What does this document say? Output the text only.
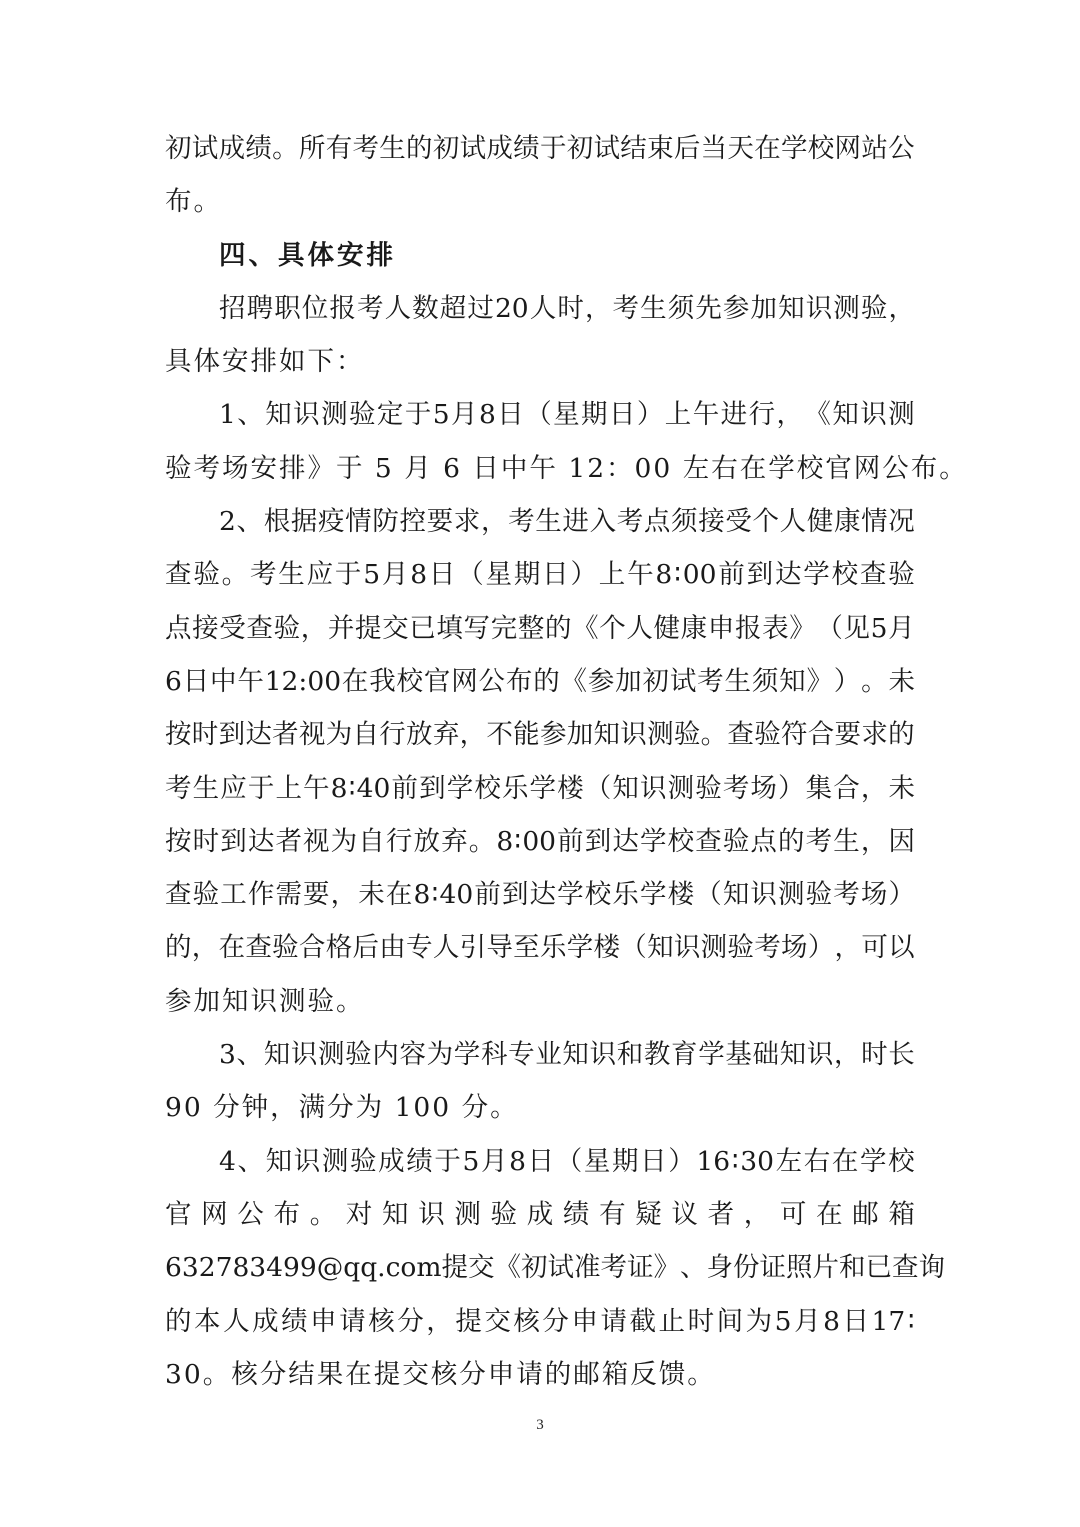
初 试 成 绩 。 所 有 考 生 的 初 试 成 绩 于 初 试 结 束 后 当 天 在 学 校 网 站 公
布。
四、具体安排
招 聘 职 位 报 考 人 数 超 过 20 人 时 ， 考 生 须 先 参 加 知 识 测 验 ，
具体安排如下：
1 、 知 识 测 验 定 于 5 月 8 日 （ 星 期 日 ） 上 午 进 行 ， 《 知 识 测
验考场安排》于 5 月 6 日中午 12：00 左右在学校官网公布。
2 、 根 据 疫 情 防 控 要 求 ， 考 生 进 入 考 点 须 接 受 个 人 健 康 情 况
查 验 。 考 生 应 于 5 月 8 日 （ 星 期 日 ） 上 午 8 ∶ 00 前 到 达 学 校 查 验
点 接 受 查 验 ， 并 提 交 已 填 写 完 整 的 《 个 人 健 康 申 报 表 》 （ 见 5 月
6 日 中 午 12:00 在 我 校 官 网 公 布 的 《 参 加 初 试 考 生 须 知 》 ） 。 未
按 时 到 达 者 视 为 自 行 放 弃 ， 不 能 参 加 知 识 测 验 。 查 验 符 合 要 求 的
考 生 应 于 上 午 8 ∶ 40 前 到 学 校 乐 学 楼 （ 知 识 测 验 考 场 ） 集 合 ， 未
按 时 到 达 者 视 为 自 行 放 弃 。 8 ∶ 00 前 到 达 学 校 查 验 点 的 考 生 ， 因
查 验 工 作 需 要 ， 未 在 8 ∶ 40 前 到 达 学 校 乐 学 楼 （ 知 识 测 验 考 场 ）
的 ， 在 查 验 合 格 后 由 专 人 引 导 至 乐 学 楼 （ 知 识 测 验 考 场 ） ， 可 以
参加知识测验。
3 、 知 识 测 验 内 容 为 学 科 专 业 知 识 和 教 育 学 基 础 知 识 ， 时 长
90 分钟，满分为 100 分。
4 、 知 识 测 验 成 绩 于 5 月 8 日 （ 星 期 日 ） 16 ∶ 30 左 右 在 学 校
官 网 公 布 。 对 知 识 测 验 成 绩 有 疑 议 者 ， 可 在 邮 箱
632783499@qq.com 提 交 《 初 试 准 考 证 》 、 身 份 证 照 片 和 已 查 询
的 本 人 成 绩 申 请 核 分 ， 提 交 核 分 申 请 截 止 时 间 为 5 月 8 日 17 ∶
30。核分结果在提交核分申请的邮箱反馈。
3
